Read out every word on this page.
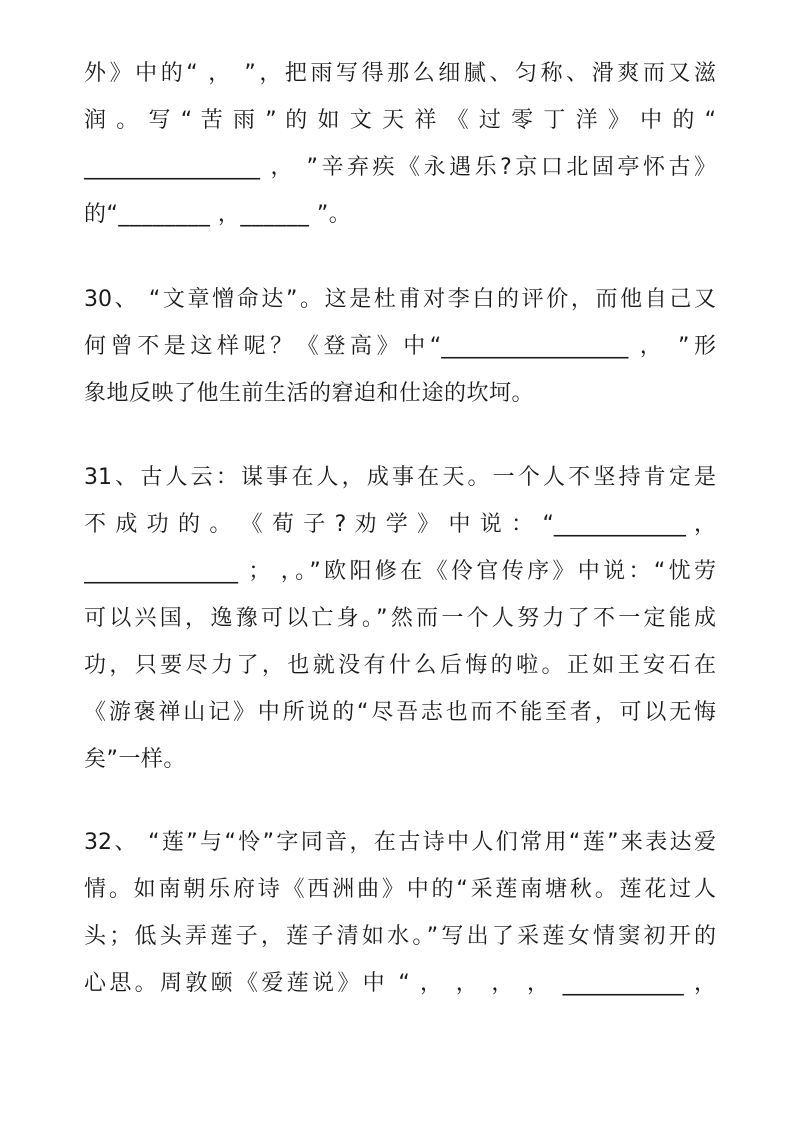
外》中的“ ， ”，把雨写得那么细腻、匀称、滑爽而又滋
润 。 写 “ 苦 雨 ” 的 如 文 天 祥 《 过 零 丁 洋 》 中 的 “
________________ ， ”辛弃疾《永遇乐?京口北固亭怀古》
的“________ ，______ ”。
30、 “文章憎命达”。这是杜甫对李白的评价，而他自己又
何曾不是这样呢？《登高》中“_________________ ， ”形
象地反映了他生前生活的窘迫和仕途的坎坷。
31、古人云：谋事在人，成事在天。一个人不坚持肯定是
不 成 功 的 。 《 荀 子 ? 劝 学 》 中 说 ： “____________ ，
______________ ； ，。”欧阳修在《伶官传序》中说：“忧劳
可以兴国，逸豫可以亡身。”然而一个人努力了不一定能成
功，只要尽力了，也就没有什么后悔的啦。正如王安石在
《游褒禅山记》中所说的“尽吾志也而不能至者，可以无悔
矣”一样。
32、 “莲”与“怜”字同音，在古诗中人们常用“莲”来表达爱
情。如南朝乐府诗《西洲曲》中的“采莲南塘秋。莲花过人
头；低头弄莲子，莲子清如水。”写出了采莲女情窦初开的
心思。周敦颐《爱莲说》中 “ ， ， ， ， ___________ ，
